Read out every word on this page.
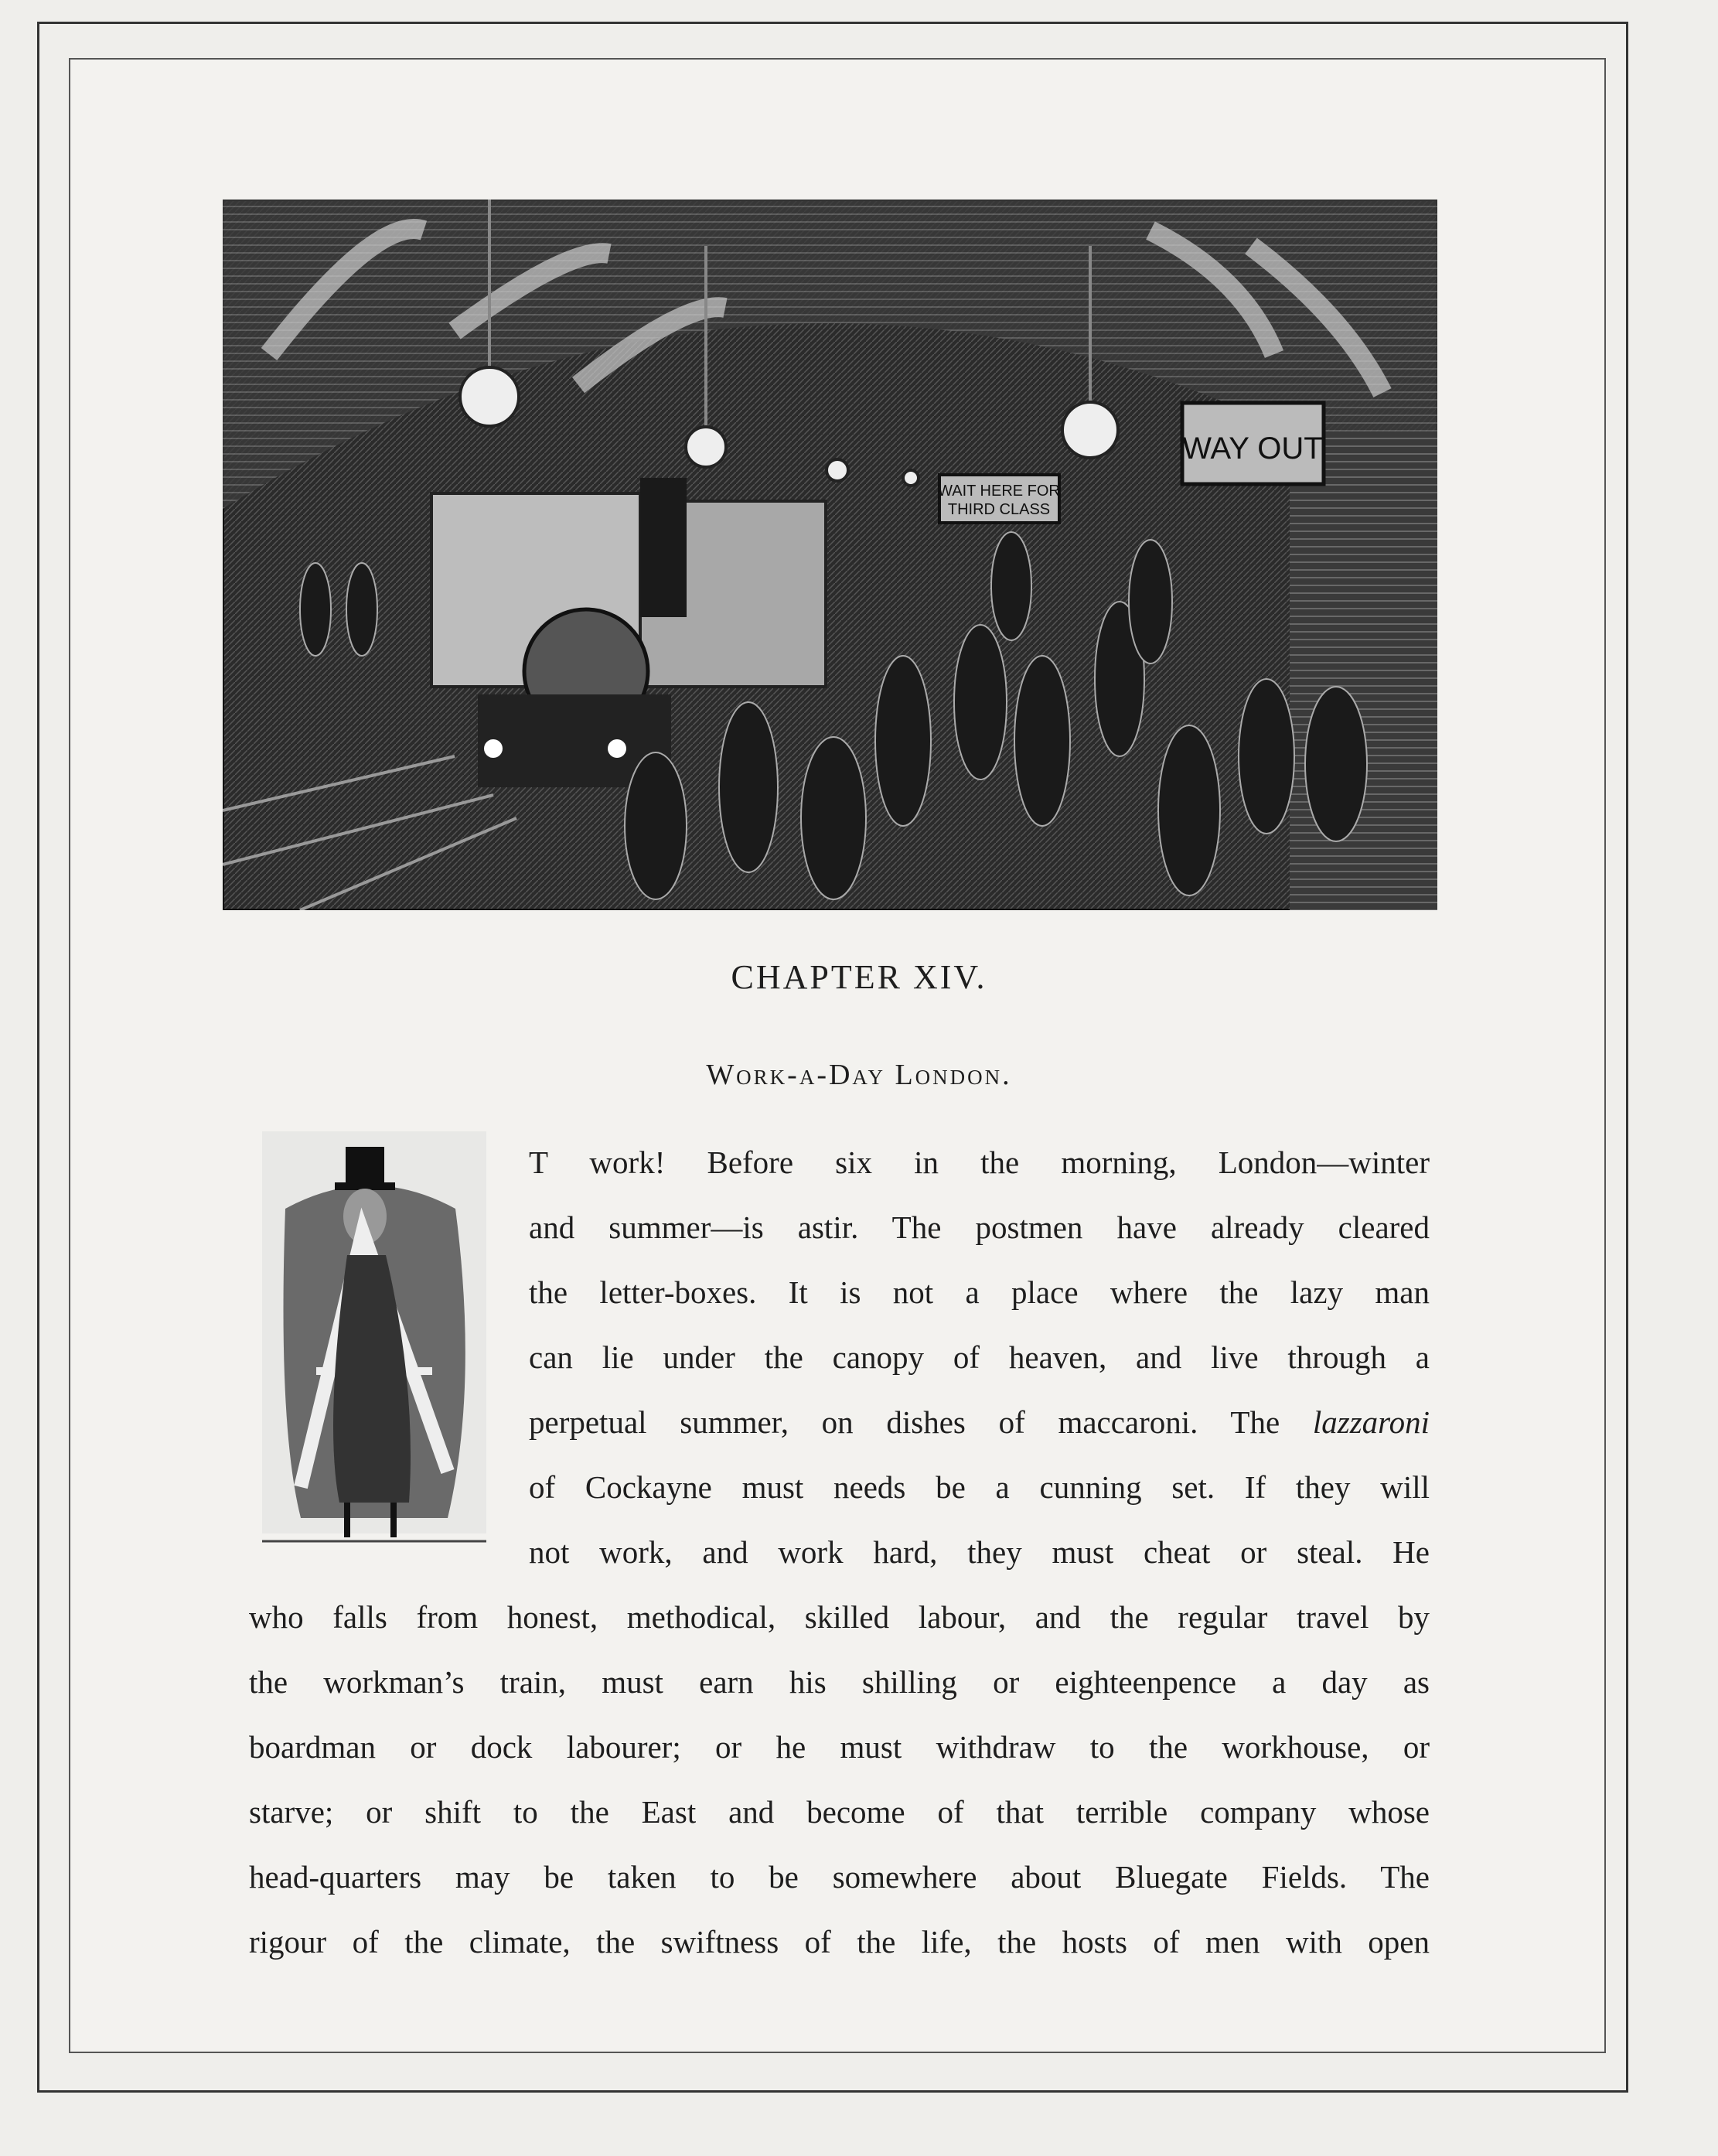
WAY OUT
WAIT HERE FOR
THIRD CLASS
CHAPTER XIV.
Work-a-Day London.
T work! Before six in the morning, London—winter
and summer—is astir. The postmen have already cleared
the letter-boxes. It is not a place where the lazy man
can lie under the canopy of heaven, and live through a
perpetual summer, on dishes of maccaroni. The lazzaroni
of Cockayne must needs be a cunning set. If they will
not work, and work hard, they must cheat or steal. He
who falls from honest, methodical, skilled labour, and the regular travel by
the workman’s train, must earn his shilling or eighteenpence a day as
boardman or dock labourer; or he must withdraw to the workhouse, or
starve; or shift to the East and become of that terrible company whose
head-quarters may be taken to be somewhere about Bluegate Fields. The
rigour of the climate, the swiftness of the life, the hosts of men with open
